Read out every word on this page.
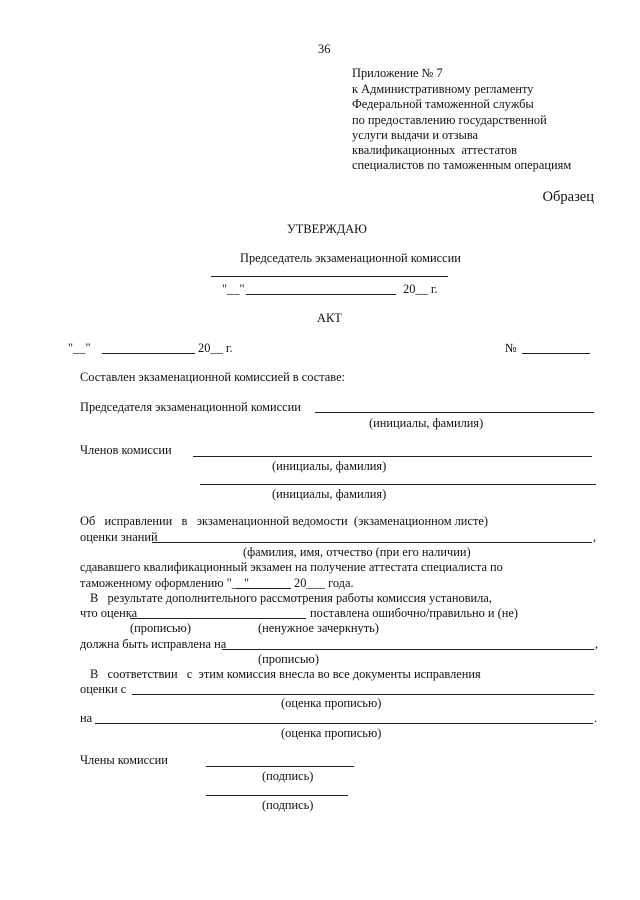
36
Приложение № 7
к Административному регламенту
Федеральной таможенной службы
по предоставлению государственной
услуги выдачи и отзыва
квалификационных  аттестатов
специалистов по таможенным операциям
Образец
УТВЕРЖДАЮ
Председатель экзаменационной комиссии
"__"	20__ г.
АКТ
"__"	20__ г.	№
Составлен экзаменационной комиссией в составе:
Председателя экзаменационной комиссии
(инициалы, фамилия)
Членов комиссии
(инициалы, фамилия)
(инициалы, фамилия)
Об   исправлении   в   экзаменационной ведомости  (экзаменационном листе)
оценки знаний	,
(фамилия, имя, отчество (при его наличии)
сдававшего квалификационный экзамен на получение аттестата специалиста по
таможенному оформлению "__"	20___ года.
В   результате дополнительного рассмотрения работы комиссия установила,
что оценка	поставлена ошибочно/правильно и (не)
(прописью)	(ненужное зачеркнуть)
должна быть исправлена на	,
(прописью)
В   соответствии   с  этим комиссия внесла во все документы исправления
оценки с
(оценка прописью)
на	.
(оценка прописью)
Члены комиссии
(подпись)
(подпись)
